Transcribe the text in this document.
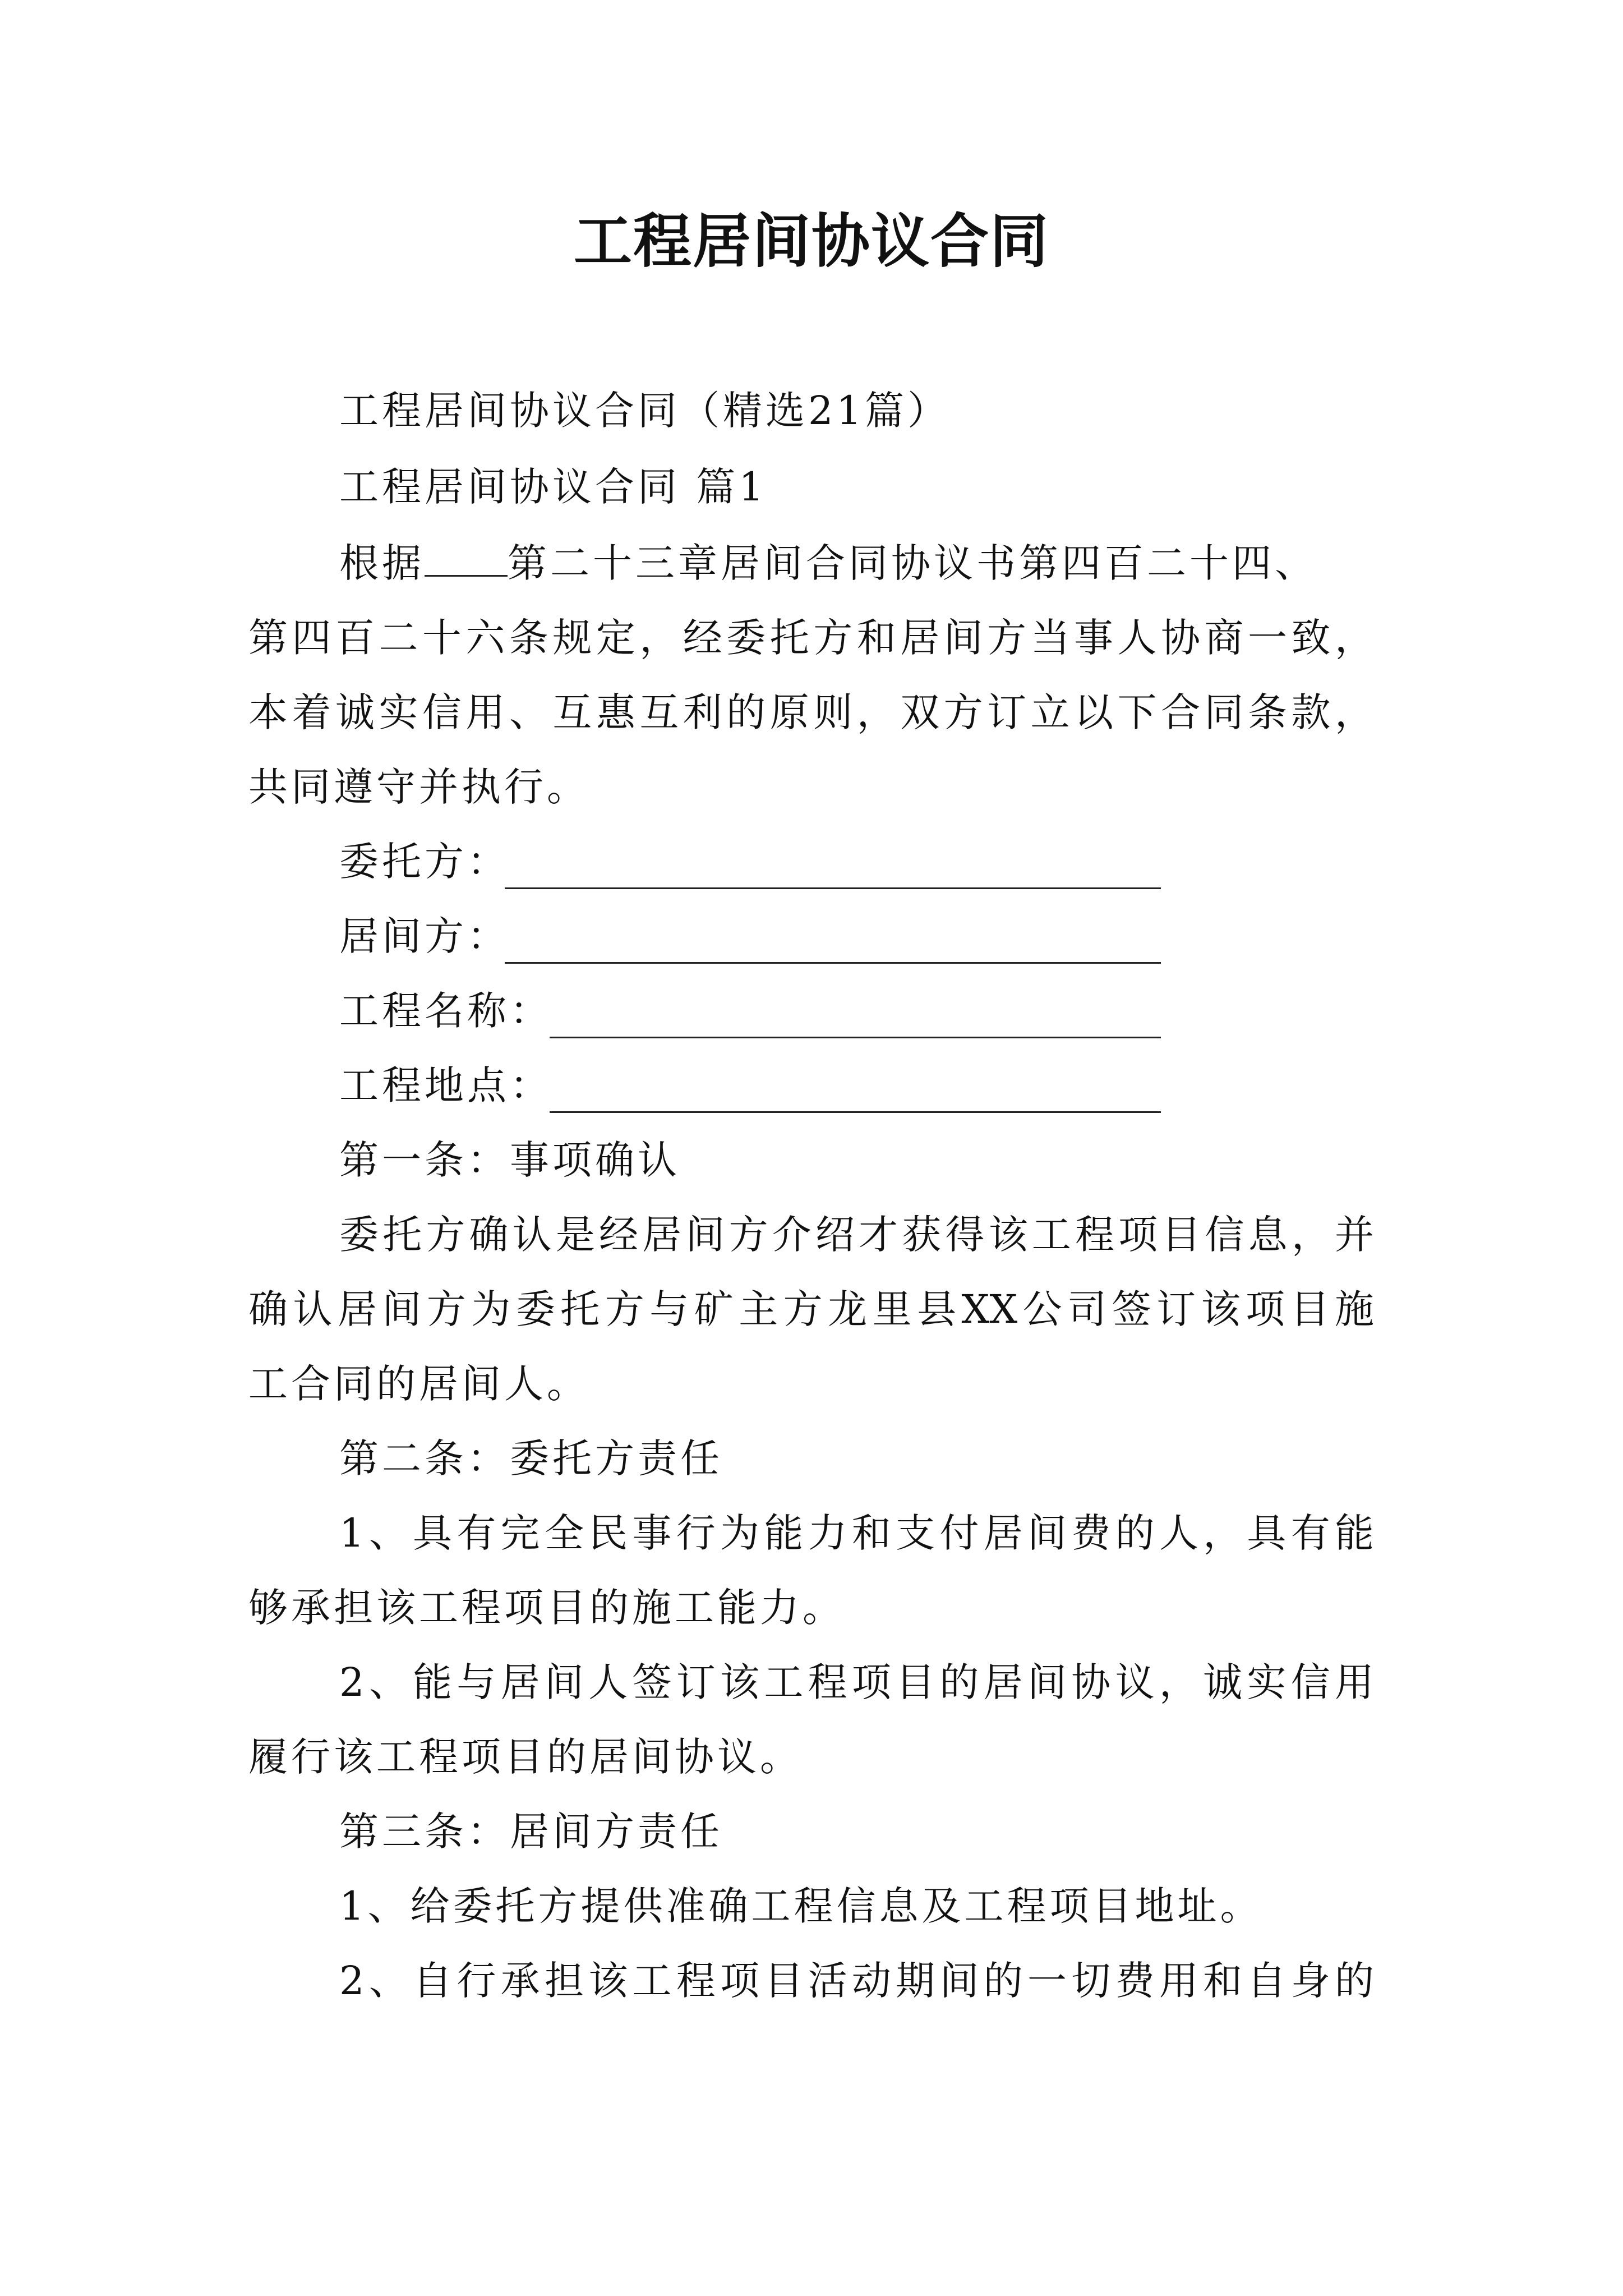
工程居间协议合同
工程居间协议合同（精选21篇）
工程居间协议合同 篇1
根据 第二十三章居间合同协议书第四百二十四、
第四百二十六条规定，经委托方和居间方当事人协商一致，
本着诚实信用、互惠互利的原则，双方订立以下合同条款，
共同遵守并执行。
委托方：
居间方：
工程名称：
工程地点：
第一条：事项确认
委托方确认是经居间方介绍才获得该工程项目信息，并
确认居间方为委托方与矿主方龙里县XX公司签订该项目施
工合同的居间人。
第二条：委托方责任
1、具有完全民事行为能力和支付居间费的人，具有能
够承担该工程项目的施工能力。
2、能与居间人签订该工程项目的居间协议，诚实信用
履行该工程项目的居间协议。
第三条：居间方责任
1、给委托方提供准确工程信息及工程项目地址。
2、自行承担该工程项目活动期间的一切费用和自身的
